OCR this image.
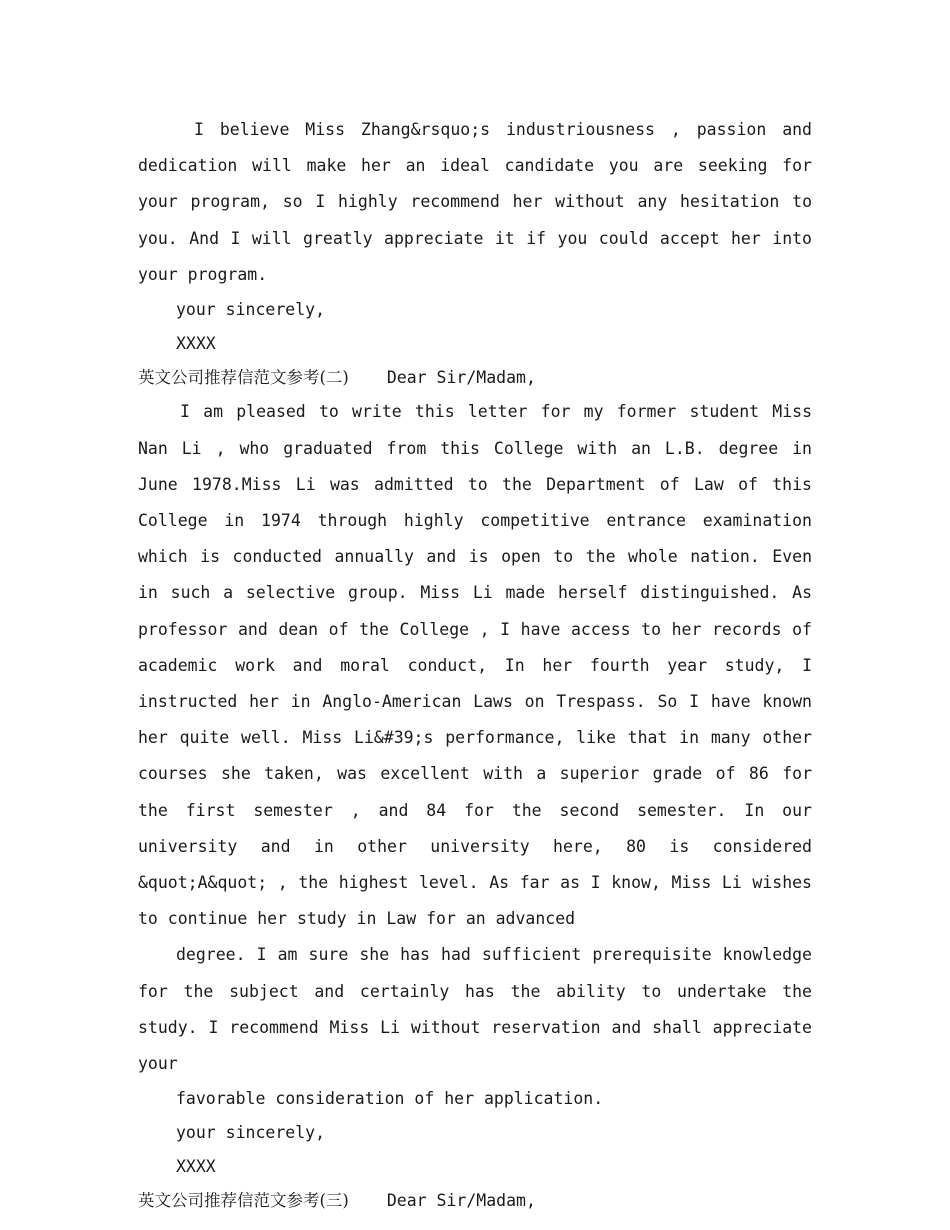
I believe Miss Zhang&rsquo;s industriousness , passion and dedication will make her an ideal candidate you are seeking for your program, so I highly recommend her without any hesitation to you. And I will greatly appreciate it if you could accept her into your program.

your sincerely,

XXXX

英文公司推荐信范文参考(二) Dear Sir/Madam,

I am pleased to write this letter for my former student Miss Nan Li , who graduated from this College with an L.B. degree in June 1978.Miss Li was admitted to the Department of Law of this College in 1974 through highly competitive entrance examination which is conducted annually and is open to the whole nation. Even in such a selective group. Miss Li made herself distinguished. As professor and dean of the College , I have access to her records of academic work and moral conduct, In her fourth year study, I instructed her in Anglo-American Laws on Trespass. So I have known her quite well. Miss Li&#39;s performance, like that in many other courses she taken, was excellent with a superior grade of 86 for the first semester , and 84 for the second semester. In our university and in other university here, 80 is considered &quot;A&quot; , the highest level. As far as I know, Miss Li wishes to continue her study in Law for an advanced

degree. I am sure she has had sufficient prerequisite knowledge for the subject and certainly has the ability to undertake the study. I recommend Miss Li without reservation and shall appreciate your

favorable consideration of her application.

your sincerely,

XXXX

英文公司推荐信范文参考(三) Dear Sir/Madam,
